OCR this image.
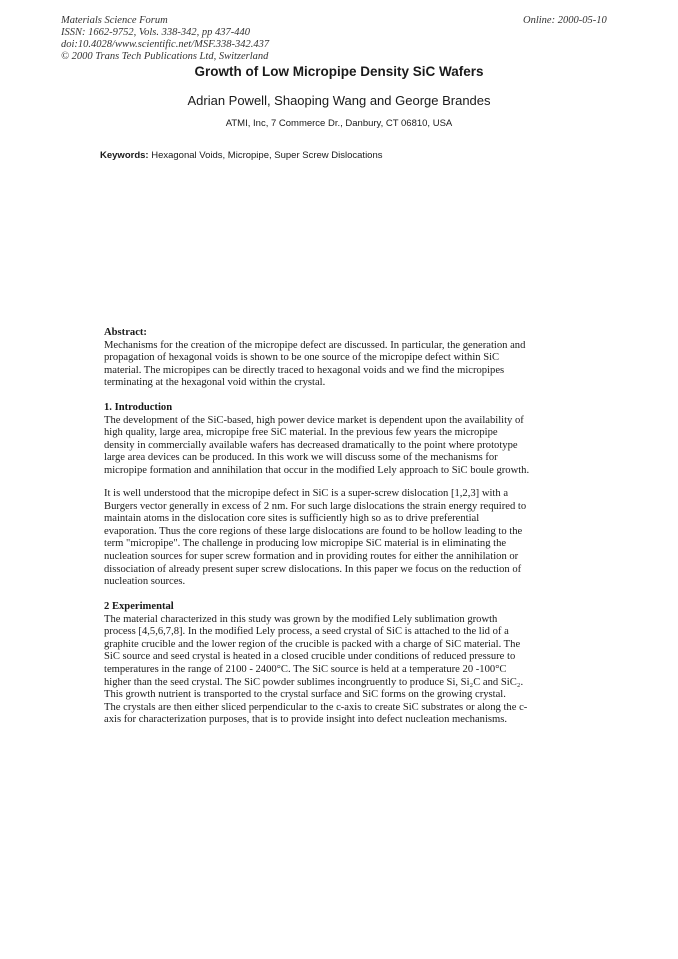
Materials Science Forum
ISSN: 1662-9752, Vols. 338-342, pp 437-440
doi:10.4028/www.scientific.net/MSF.338-342.437
© 2000 Trans Tech Publications Ltd, Switzerland
Online: 2000-05-10
Growth of Low Micropipe Density SiC Wafers
Adrian Powell, Shaoping Wang and George Brandes
ATMI, Inc, 7 Commerce Dr., Danbury, CT 06810, USA
Keywords: Hexagonal Voids, Micropipe, Super Screw Dislocations
Abstract:
Mechanisms for the creation of the micropipe defect are discussed. In particular, the generation and
propagation of hexagonal voids is shown to be one source of the micropipe defect within SiC
material. The micropipes can be directly traced to hexagonal voids and we find the micropipes
terminating at the hexagonal void within the crystal.
1. Introduction
The development of the SiC-based, high power device market is dependent upon the availability of
high quality, large area, micropipe free SiC material. In the previous few years the micropipe
density in commercially available wafers has decreased dramatically to the point where prototype
large area devices can be produced. In this work we will discuss some of the mechanisms for
micropipe formation and annihilation that occur in the modified Lely approach to SiC boule growth.
It is well understood that the micropipe defect in SiC is a super-screw dislocation [1,2,3] with a
Burgers vector generally in excess of 2 nm. For such large dislocations the strain energy required to
maintain atoms in the dislocation core sites is sufficiently high so as to drive preferential
evaporation. Thus the core regions of these large dislocations are found to be hollow leading to the
term "micropipe". The challenge in producing low micropipe SiC material is in eliminating the
nucleation sources for super screw formation and in providing routes for either the annihilation or
dissociation of already present super screw dislocations. In this paper we focus on the reduction of
nucleation sources.
2 Experimental
The material characterized in this study was grown by the modified Lely sublimation growth
process [4,5,6,7,8]. In the modified Lely process, a seed crystal of SiC is attached to the lid of a
graphite crucible and the lower region of the crucible is packed with a charge of SiC material. The
SiC source and seed crystal is heated in a closed crucible under conditions of reduced pressure to
temperatures in the range of 2100 - 2400°C. The SiC source is held at a temperature 20 -100°C
higher than the seed crystal. The SiC powder sublimes incongruently to produce Si, Si₂C and SiC₂.
This growth nutrient is transported to the crystal surface and SiC forms on the growing crystal.
The crystals are then either sliced perpendicular to the c-axis to create SiC substrates or along the c-
axis for characterization purposes, that is to provide insight into defect nucleation mechanisms.
